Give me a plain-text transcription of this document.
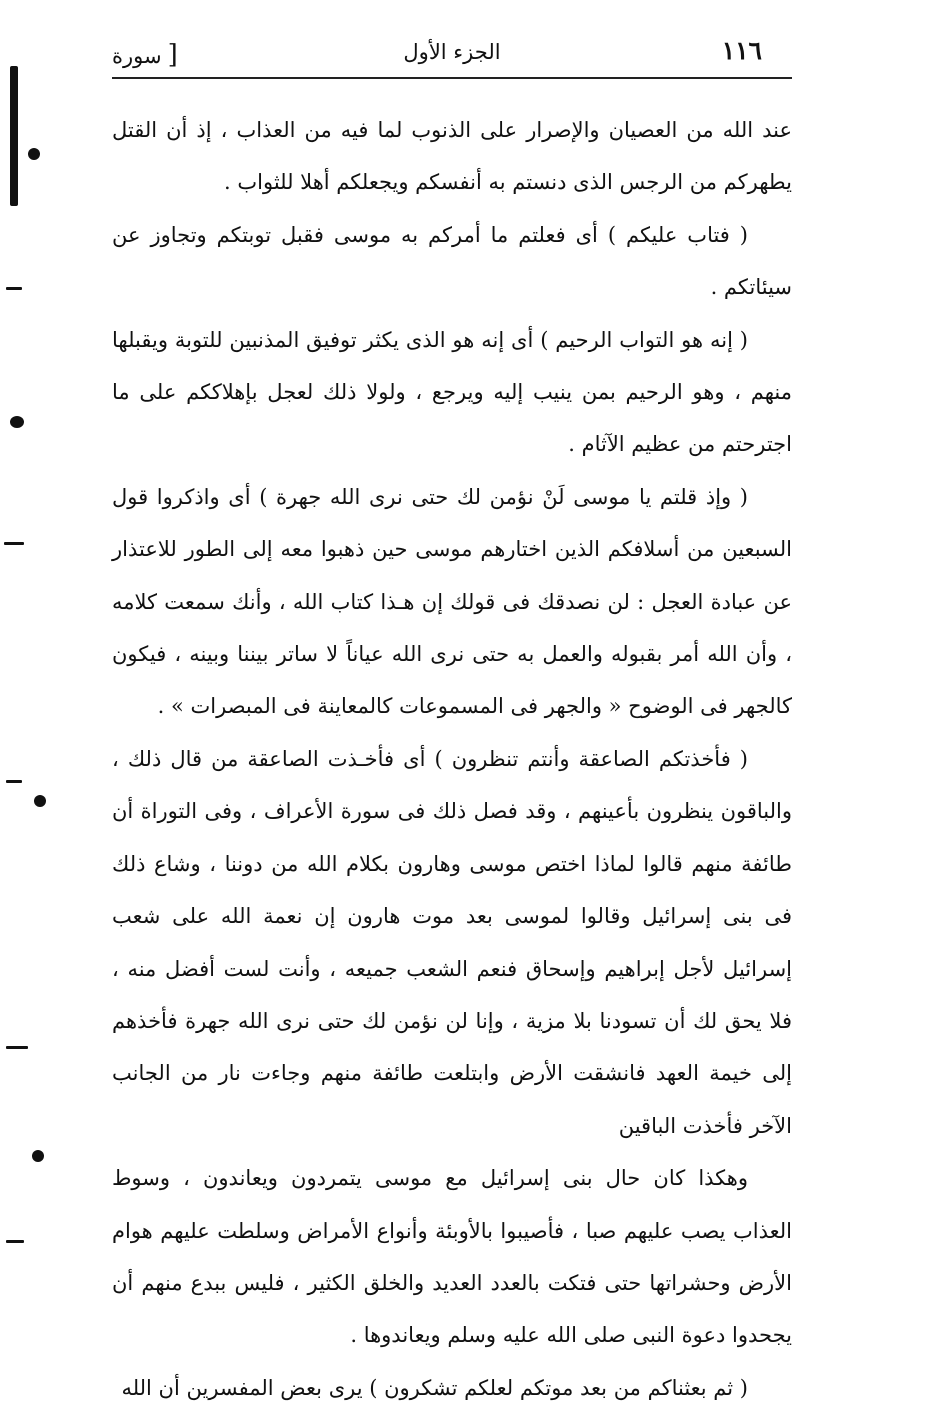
١١٦
الجزء الأول
[سورة

عند الله من العصيان والإصرار على الذنوب لما فيه من العذاب ، إذ أن القتل يطهركم من الرجس الذى دنستم به أنفسكم ويجعلكم أهلا للثواب .

( فتاب عليكم ) أى فعلتم ما أمركم به موسى فقبل توبتكم وتجاوز عن سيئاتكم .

( إنه هو التواب الرحيم ) أى إنه هو الذى يكثر توفيق المذنبين للتوبة ويقبلها منهم ، وهو الرحيم بمن ينيب إليه ويرجع ، ولولا ذلك لعجل بإهلاككم على ما اجترحتم من عظيم الآثام .

( وإذ قلتم يا موسى لَنْ نؤمن لك حتى نرى الله جهرة ) أى واذكروا قول السبعين من أسلافكم الذين اختارهم موسى حين ذهبوا معه إلى الطور للاعتذار عن عبادة العجل : لن نصدقك فى قولك إن هـذا كتاب الله ، وأنك سمعت كلامه ، وأن الله أمر بقبوله والعمل به حتى نرى الله عياناً لا ساتر بيننا وبينه ، فيكون كالجهر فى الوضوح « والجهر فى المسموعات كالمعاينة فى المبصرات » .

( فأخذتكم الصاعقة وأنتم تنظرون ) أى فأخـذت الصاعقة من قال ذلك ، والباقون ينظرون بأعينهم ، وقد فصل ذلك فى سورة الأعراف ، وفى التوراة أن طائفة منهم قالوا لماذا اختص موسى وهارون بكلام الله من دوننا ، وشاع ذلك فى بنى إسرائيل وقالوا لموسى بعد موت هارون إن نعمة الله على شعب إسرائيل لأجل إبراهيم وإسحاق فنعم الشعب جميعه ، وأنت لست أفضل منه ، فلا يحق لك أن تسودنا بلا مزية ، وإنا لن نؤمن لك حتى نرى الله جهرة فأخذهم إلى خيمة العهد فانشقت الأرض وابتلعت طائفة منهم وجاءت نار من الجانب الآخر فأخذت الباقين

وهكذا كان حال بنى إسرائيل مع موسى يتمردون ويعاندون ، وسوط العذاب يصب عليهم صبا ، فأصيبوا بالأوبئة وأنواع الأمراض وسلطت عليهم هوام الأرض وحشراتها حتى فتكت بالعدد العديد والخلق الكثير ، فليس ببدع منهم أن يجحدوا دعوة النبى صلى الله عليه وسلم ويعاندوها .

( ثم بعثناكم من بعد موتكم لعلكم تشكرون ) يرى بعض المفسرين أن الله
